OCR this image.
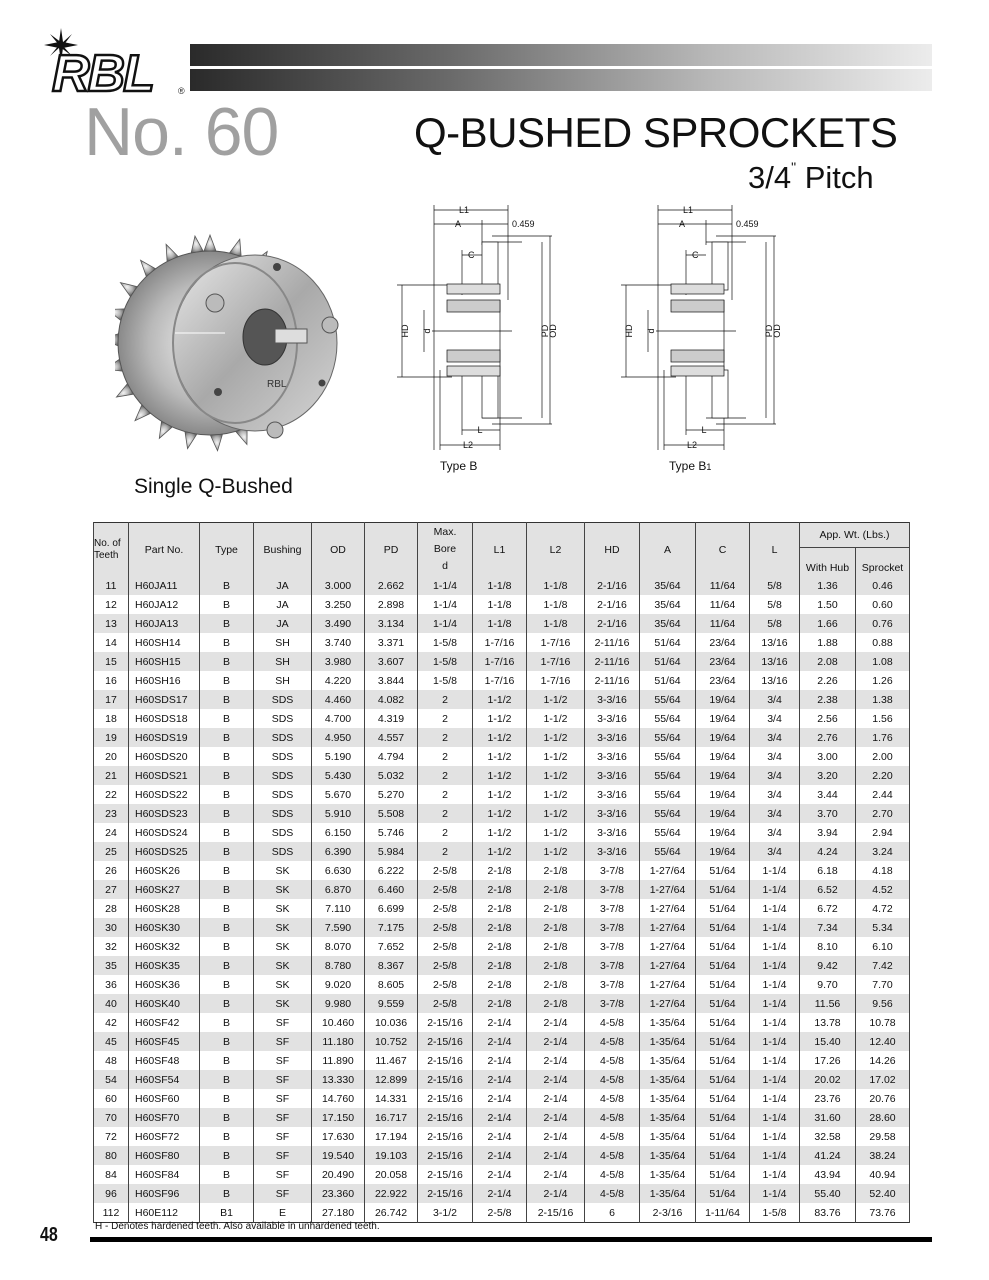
RBL	®
No. 60	Q-BUSHED SPROCKETS
3/4" Pitch
RBL
Single Q-Bushed
L1
A	0.459
C
HD d	PD
OD
L
L2
Type B
L1
A	0.459
C
HD d	PD
OD
L
L2
Type B1
No. of Teeth	Part No.	Type	Bushing	OD	PD	Max.
Bore
d	L1	L2	HD	A	C	L	App. Wt. (Lbs.)	
													With Hub	Sprocket
11	H60JA11	B	JA	3.000	2.662	1-1/4	1-1/8	1-1/8	2-1/16	35/64	11/64	5/8	1.36	0.46
12	H60JA12	B	JA	3.250	2.898	1-1/4	1-1/8	1-1/8	2-1/16	35/64	11/64	5/8	1.50	0.60
13	H60JA13	B	JA	3.490	3.134	1-1/4	1-1/8	1-1/8	2-1/16	35/64	11/64	5/8	1.66	0.76
14	H60SH14	B	SH	3.740	3.371	1-5/8	1-7/16	1-7/16	2-11/16	51/64	23/64	13/16	1.88	0.88
15	H60SH15	B	SH	3.980	3.607	1-5/8	1-7/16	1-7/16	2-11/16	51/64	23/64	13/16	2.08	1.08
16	H60SH16	B	SH	4.220	3.844	1-5/8	1-7/16	1-7/16	2-11/16	51/64	23/64	13/16	2.26	1.26
17	H60SDS17	B	SDS	4.460	4.082	2	1-1/2	1-1/2	3-3/16	55/64	19/64	3/4	2.38	1.38
18	H60SDS18	B	SDS	4.700	4.319	2	1-1/2	1-1/2	3-3/16	55/64	19/64	3/4	2.56	1.56
19	H60SDS19	B	SDS	4.950	4.557	2	1-1/2	1-1/2	3-3/16	55/64	19/64	3/4	2.76	1.76
20	H60SDS20	B	SDS	5.190	4.794	2	1-1/2	1-1/2	3-3/16	55/64	19/64	3/4	3.00	2.00
21	H60SDS21	B	SDS	5.430	5.032	2	1-1/2	1-1/2	3-3/16	55/64	19/64	3/4	3.20	2.20
22	H60SDS22	B	SDS	5.670	5.270	2	1-1/2	1-1/2	3-3/16	55/64	19/64	3/4	3.44	2.44
23	H60SDS23	B	SDS	5.910	5.508	2	1-1/2	1-1/2	3-3/16	55/64	19/64	3/4	3.70	2.70
24	H60SDS24	B	SDS	6.150	5.746	2	1-1/2	1-1/2	3-3/16	55/64	19/64	3/4	3.94	2.94
25	H60SDS25	B	SDS	6.390	5.984	2	1-1/2	1-1/2	3-3/16	55/64	19/64	3/4	4.24	3.24
26	H60SK26	B	SK	6.630	6.222	2-5/8	2-1/8	2-1/8	3-7/8	1-27/64	51/64	1-1/4	6.18	4.18
27	H60SK27	B	SK	6.870	6.460	2-5/8	2-1/8	2-1/8	3-7/8	1-27/64	51/64	1-1/4	6.52	4.52
28	H60SK28	B	SK	7.110	6.699	2-5/8	2-1/8	2-1/8	3-7/8	1-27/64	51/64	1-1/4	6.72	4.72
30	H60SK30	B	SK	7.590	7.175	2-5/8	2-1/8	2-1/8	3-7/8	1-27/64	51/64	1-1/4	7.34	5.34
32	H60SK32	B	SK	8.070	7.652	2-5/8	2-1/8	2-1/8	3-7/8	1-27/64	51/64	1-1/4	8.10	6.10
35	H60SK35	B	SK	8.780	8.367	2-5/8	2-1/8	2-1/8	3-7/8	1-27/64	51/64	1-1/4	9.42	7.42
36	H60SK36	B	SK	9.020	8.605	2-5/8	2-1/8	2-1/8	3-7/8	1-27/64	51/64	1-1/4	9.70	7.70
40	H60SK40	B	SK	9.980	9.559	2-5/8	2-1/8	2-1/8	3-7/8	1-27/64	51/64	1-1/4	11.56	9.56
42	H60SF42	B	SF	10.460	10.036	2-15/16	2-1/4	2-1/4	4-5/8	1-35/64	51/64	1-1/4	13.78	10.78
45	H60SF45	B	SF	11.180	10.752	2-15/16	2-1/4	2-1/4	4-5/8	1-35/64	51/64	1-1/4	15.40	12.40
48	H60SF48	B	SF	11.890	11.467	2-15/16	2-1/4	2-1/4	4-5/8	1-35/64	51/64	1-1/4	17.26	14.26
54	H60SF54	B	SF	13.330	12.899	2-15/16	2-1/4	2-1/4	4-5/8	1-35/64	51/64	1-1/4	20.02	17.02
60	H60SF60	B	SF	14.760	14.331	2-15/16	2-1/4	2-1/4	4-5/8	1-35/64	51/64	1-1/4	23.76	20.76
70	H60SF70	B	SF	17.150	16.717	2-15/16	2-1/4	2-1/4	4-5/8	1-35/64	51/64	1-1/4	31.60	28.60
72	H60SF72	B	SF	17.630	17.194	2-15/16	2-1/4	2-1/4	4-5/8	1-35/64	51/64	1-1/4	32.58	29.58
80	H60SF80	B	SF	19.540	19.103	2-15/16	2-1/4	2-1/4	4-5/8	1-35/64	51/64	1-1/4	41.24	38.24
84	H60SF84	B	SF	20.490	20.058	2-15/16	2-1/4	2-1/4	4-5/8	1-35/64	51/64	1-1/4	43.94	40.94
96	H60SF96	B	SF	23.360	22.922	2-15/16	2-1/4	2-1/4	4-5/8	1-35/64	51/64	1-1/4	55.40	52.40
112	H60E112	B1	E	27.180	26.742	3-1/2	2-5/8	2-15/16	6	2-3/16	1-11/64	1-5/8	83.76	73.76
H - Denotes hardened teeth. Also available in unhardened teeth.
48
